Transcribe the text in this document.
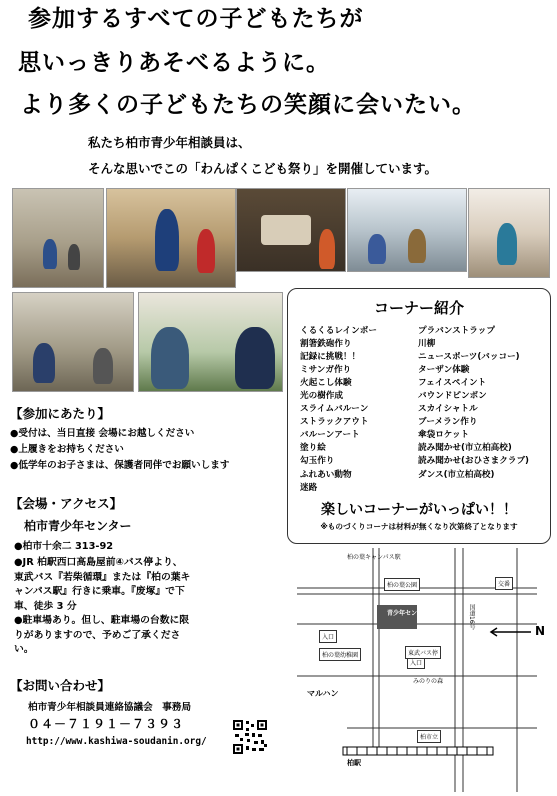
参加するすべての子どもたちが
思いっきりあそべるように。
より多くの子どもたちの笑顔に会いたい。
私たち柏市青少年相談員は、
そんな思いでこの「わんぱくこども祭り」を開催しています。
コーナー紹介
くるくるレインボー
割箸鉄砲作り
記録に挑戦！！
ミサンガ作り
火起こし体験
光の樹作成
スライムバルーン
ストラックアウト
バルーンアート
塗り絵
勾玉作り
ふれあい動物
迷路
プラバンストラップ
川柳
ニュースポーツ(バッコー)
ターザン体験
フェイスペイント
バウンドピンポン
スカイシャトル
ブーメラン作り
傘袋ロケット
読み聞かせ(市立柏高校)
読み聞かせ(おひさまクラブ)
ダンス(市立柏高校)
楽しいコーナーがいっぱい！！
※ものづくりコーナは材料が無くなり次第終了となります
【参加にあたり】
●受付は、当日直接 会場にお越しください
●上履きをお持ちください
●低学年のお子さまは、保護者同伴でお願いします
【会場・アクセス】
柏市青少年センター
●柏市十余二 313-92
●JR 柏駅西口高島屋前④バス停より、
東武バス『若柴循環』または『柏の葉キ
ャンパス駅』行きに乗車。『废塚』で下
車、徒歩 3 分
●駐車場あり。但し、駐車場の台数に限
りがありますので、予めご了承くださ
い。
【お問い合わせ】
柏市青少年相談員連絡協議会　事務局
０４－７１９１－７３９３
http://www.kashiwa-soudanin.org/
柏の葉キャンパス駅
交番
柏の葉公園
青少年センター
入口
入口
柏の葉幼稚園
マルハン
国道16号
N
東武バス停
みのりの森
柏市立
柏駅
